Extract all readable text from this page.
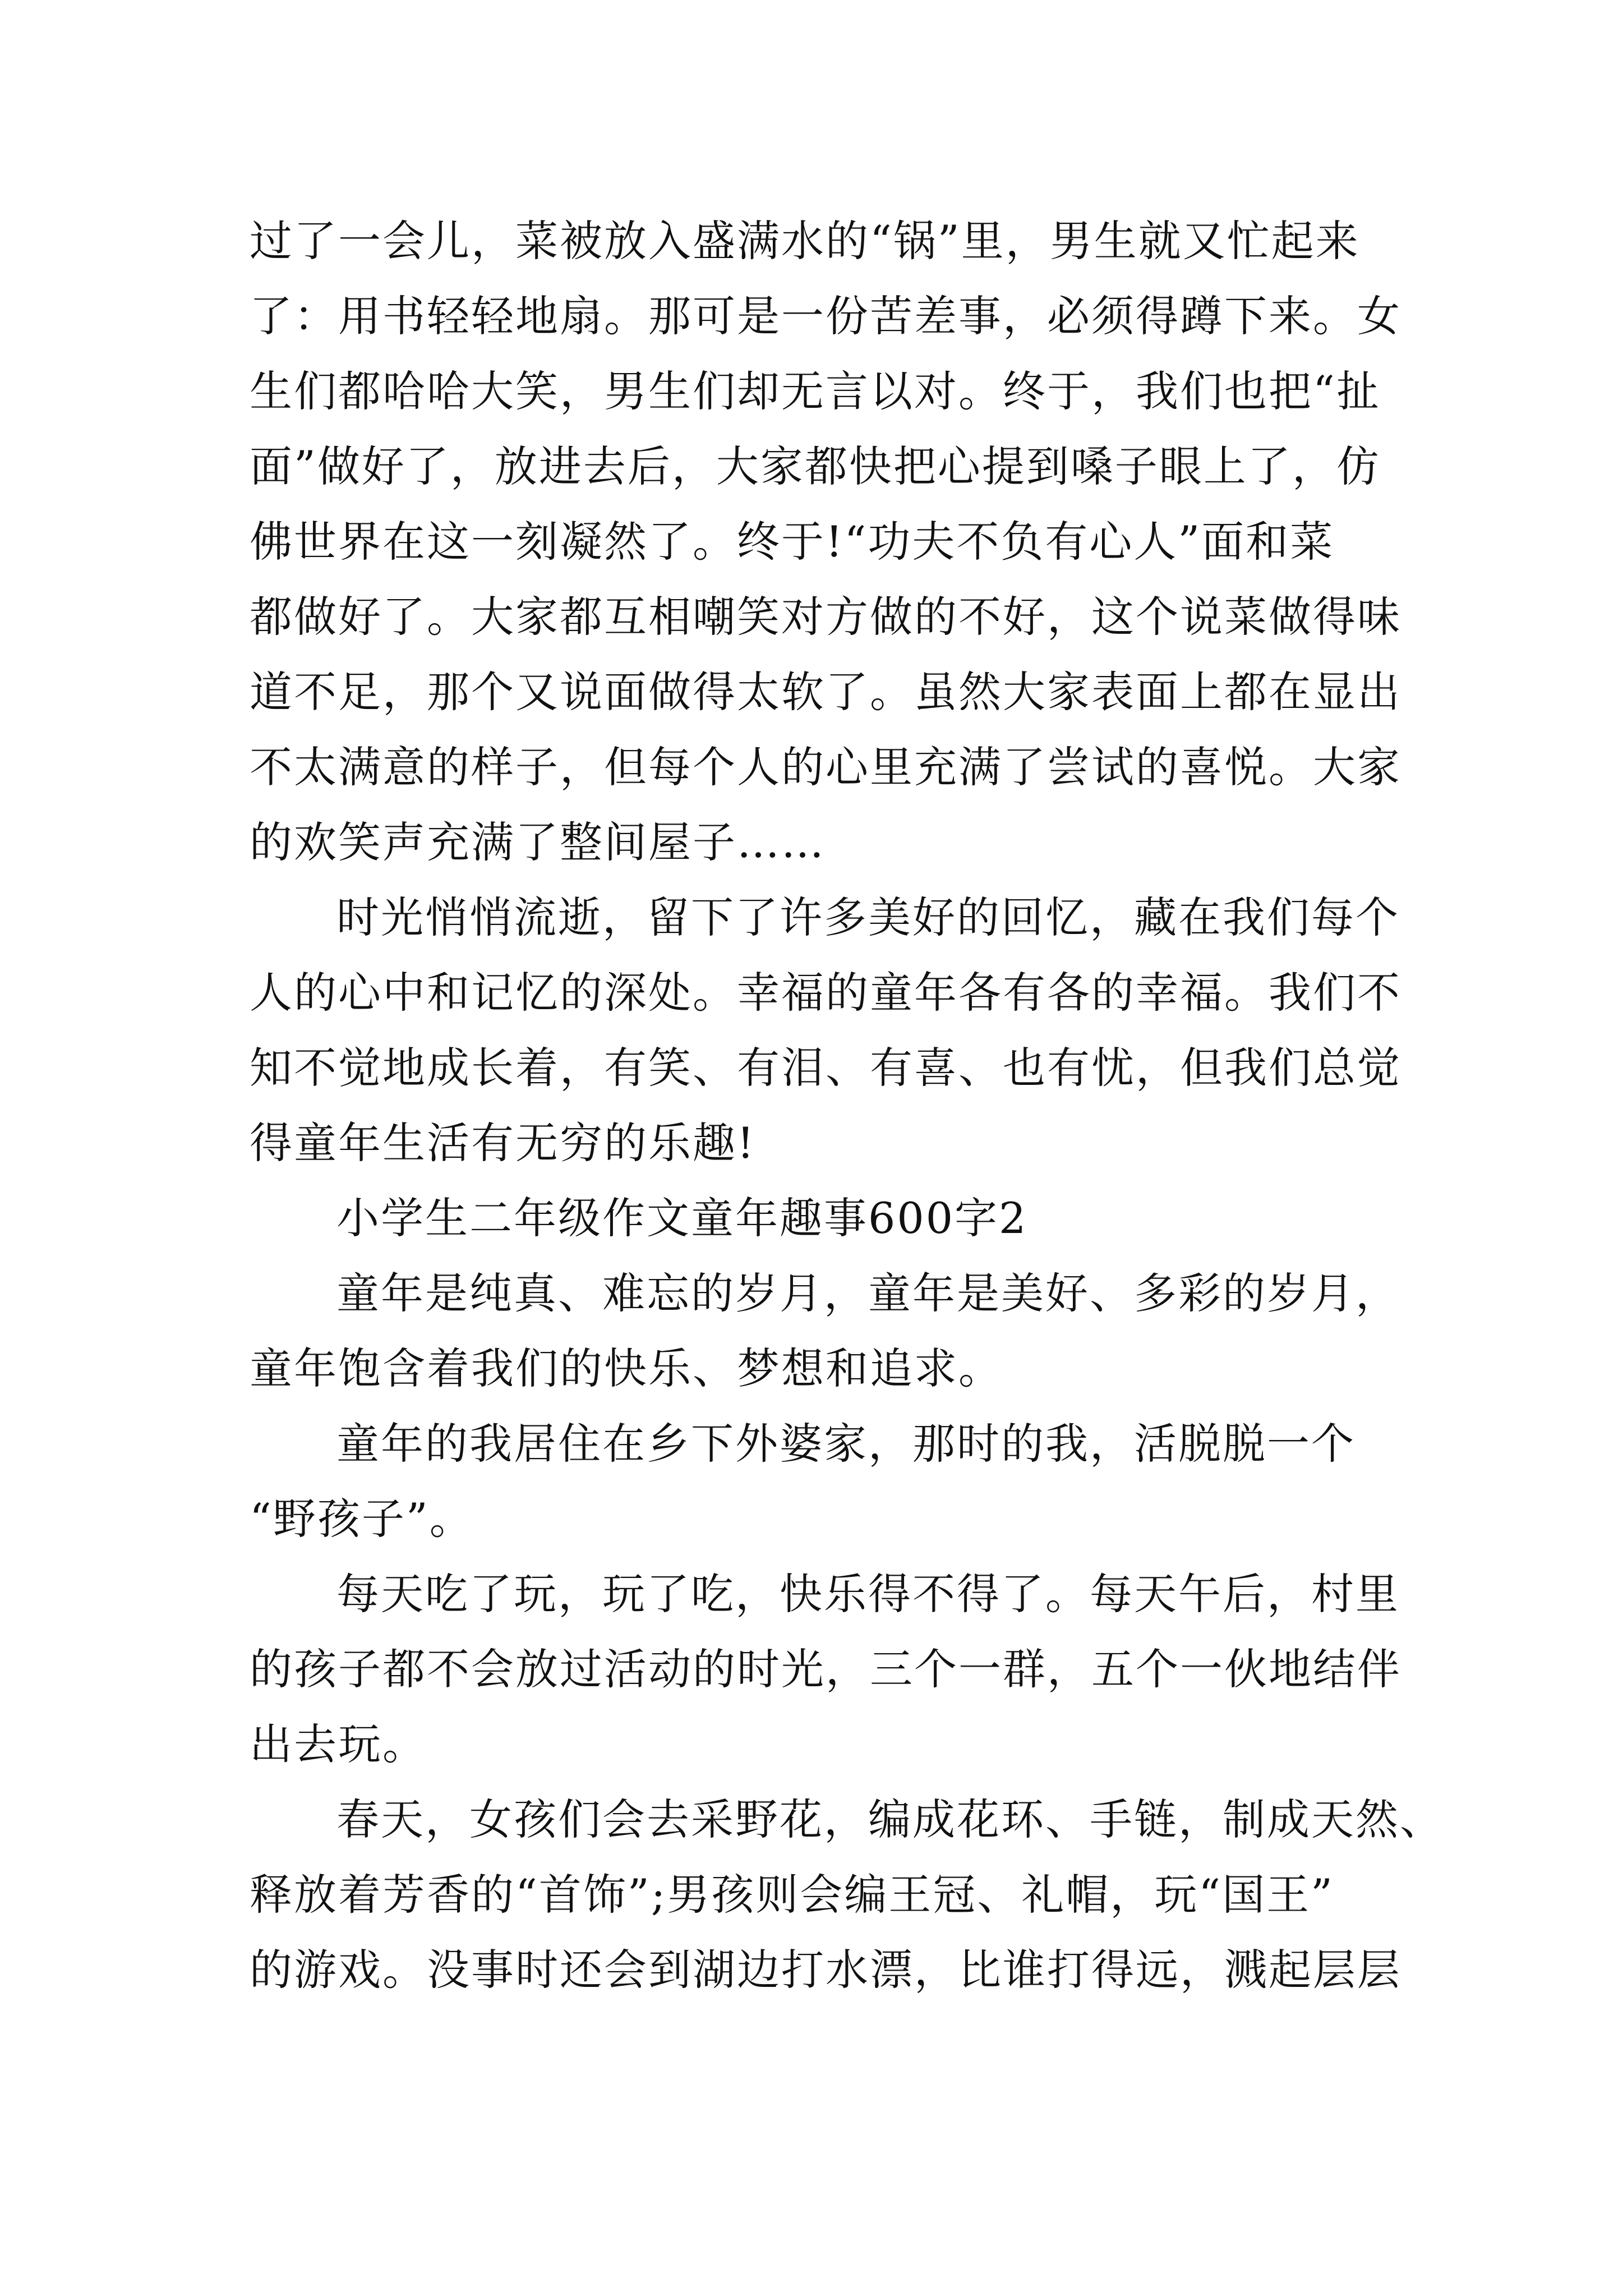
过了一会儿，菜被放入盛满水的“锅”里，男生就又忙起来
了：用书轻轻地扇。那可是一份苦差事，必须得蹲下来。女
生们都哈哈大笑，男生们却无言以对。终于，我们也把“扯
面”做好了，放进去后，大家都快把心提到嗓子眼上了，仿
佛世界在这一刻凝然了。终于!“功夫不负有心人”面和菜
都做好了。大家都互相嘲笑对方做的不好，这个说菜做得味
道不足，那个又说面做得太软了。虽然大家表面上都在显出
不太满意的样子，但每个人的心里充满了尝试的喜悦。大家
的欢笑声充满了整间屋子……
时光悄悄流逝，留下了许多美好的回忆，藏在我们每个
人的心中和记忆的深处。幸福的童年各有各的幸福。我们不
知不觉地成长着，有笑、有泪、有喜、也有忧，但我们总觉
得童年生活有无穷的乐趣!
小学生二年级作文童年趣事600字2
童年是纯真、难忘的岁月，童年是美好、多彩的岁月，
童年饱含着我们的快乐、梦想和追求。
童年的我居住在乡下外婆家，那时的我，活脱脱一个
“野孩子”。
每天吃了玩，玩了吃，快乐得不得了。每天午后，村里
的孩子都不会放过活动的时光，三个一群，五个一伙地结伴
出去玩。
春天，女孩们会去采野花，编成花环、手链，制成天然、
释放着芳香的“首饰”;男孩则会编王冠、礼帽，玩“国王”
的游戏。没事时还会到湖边打水漂，比谁打得远，溅起层层
